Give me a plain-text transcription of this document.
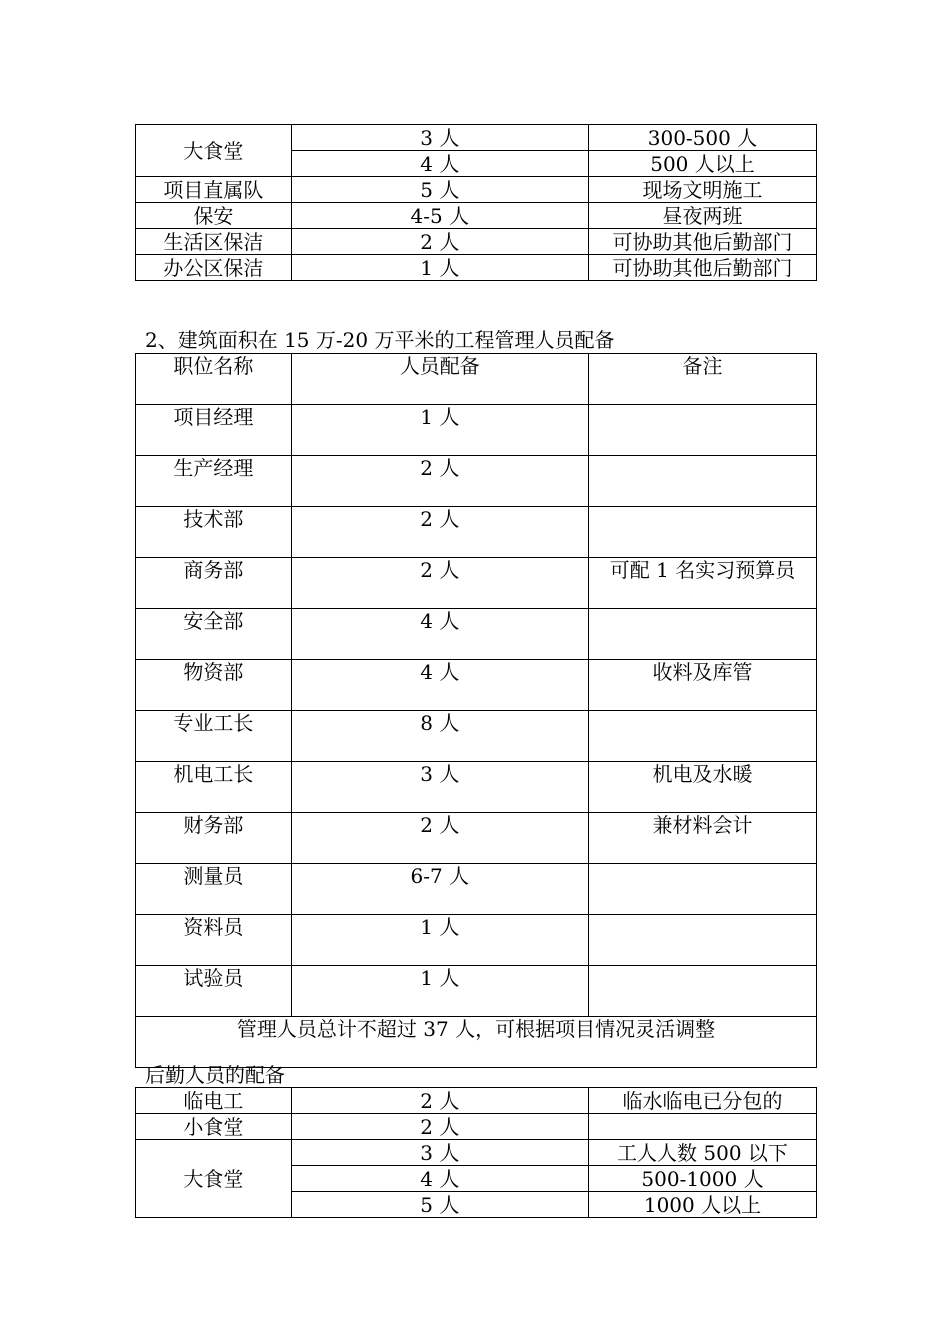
大食堂	3 人	300-500 人
	4 人	500 人以上
项目直属队	5 人	现场文明施工
保安	4-5 人	昼夜两班
生活区保洁	2 人	可协助其他后勤部门
办公区保洁	1 人	可协助其他后勤部门
2、建筑面积在 15 万-20 万平米的工程管理人员配备
职位名称	人员配备	备注
项目经理	1 人	
生产经理	2 人	
技术部	2 人	
商务部	2 人	可配 1 名实习预算员
安全部	4 人	
物资部	4 人	收料及库管
专业工长	8 人	
机电工长	3 人	机电及水暖
财务部	2 人	兼材料会计
测量员	6-7 人	
资料员	1 人	
试验员	1 人	
管理人员总计不超过 37 人，可根据项目情况灵活调整		
后勤人员的配备
临电工	2 人	临水临电已分包的
小食堂	2 人	
大食堂	3 人	工人人数 500 以下
	4 人	500-1000 人
	5 人	1000 人以上
